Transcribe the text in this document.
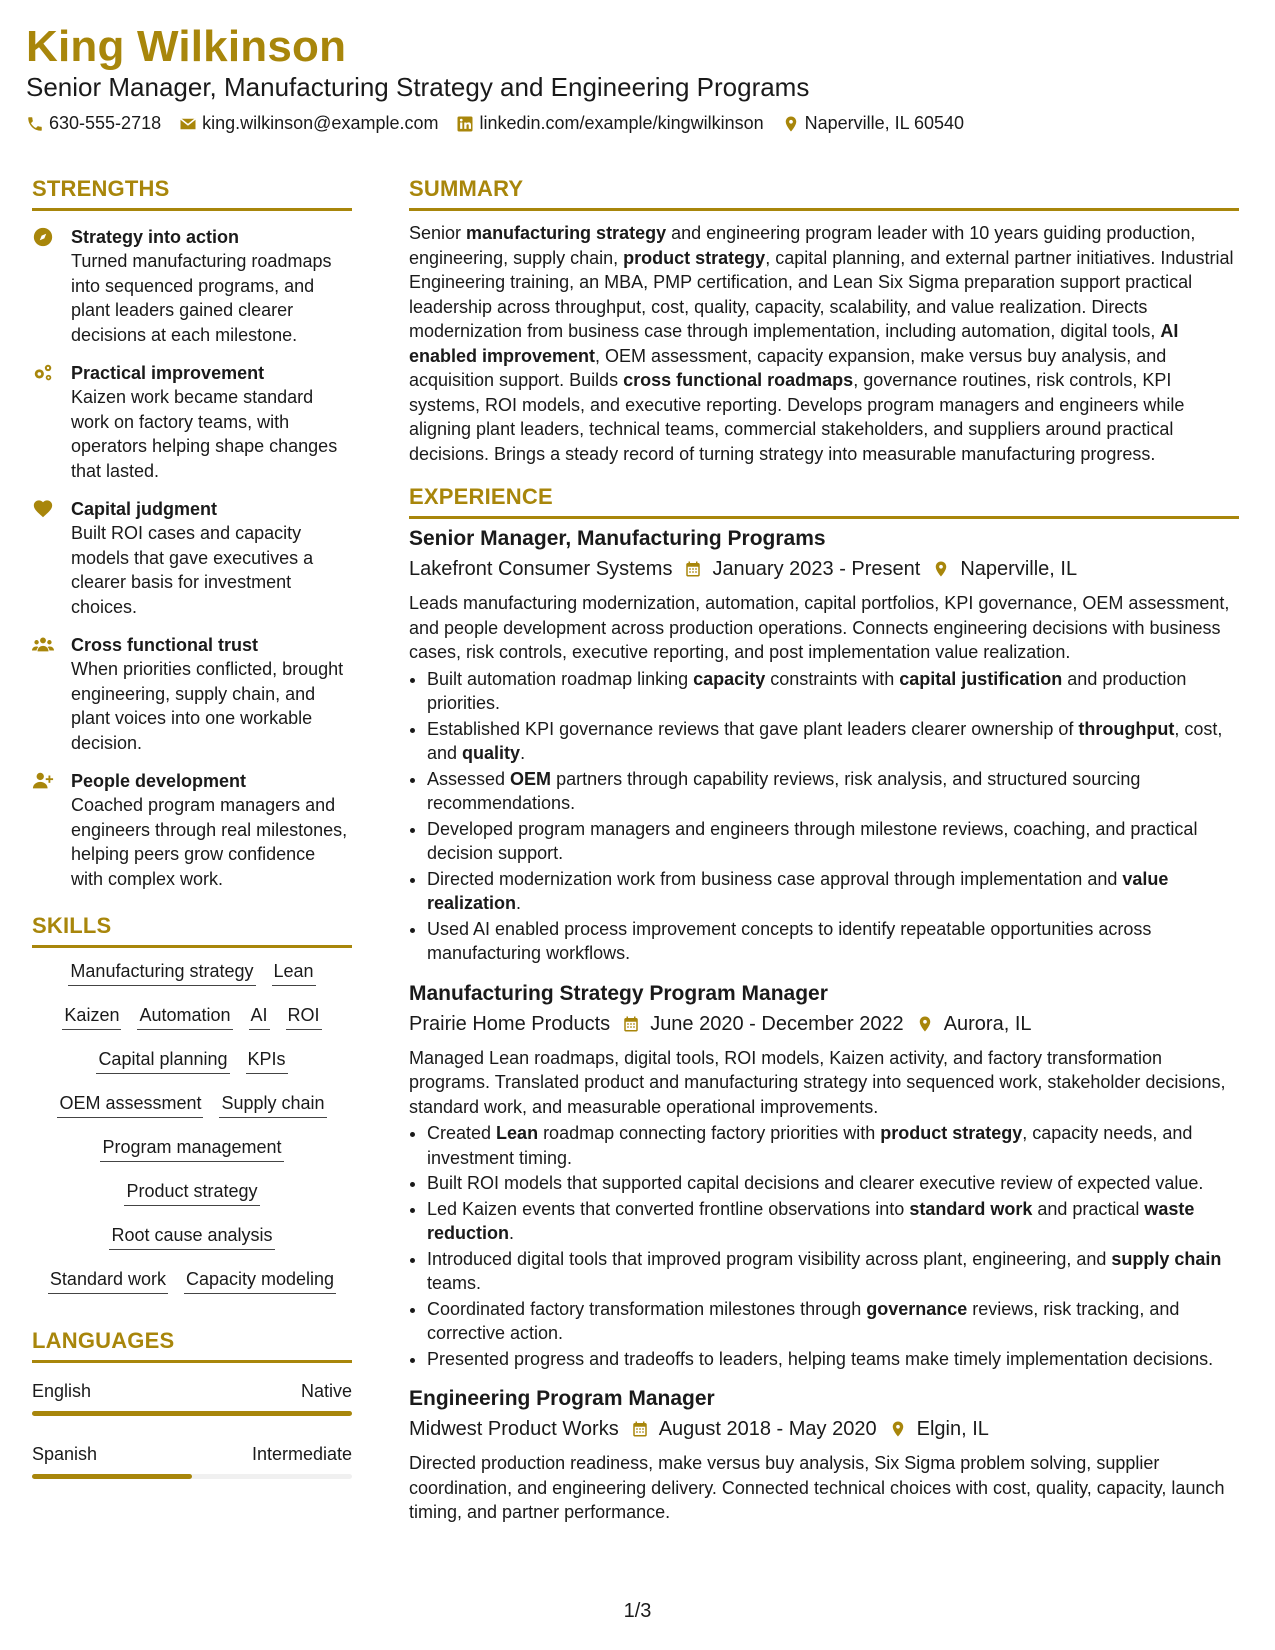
King Wilkinson
Senior Manager, Manufacturing Strategy and Engineering Programs
630-555-2718 king.wilkinson@example.com linkedin.com/example/kingwilkinson Naperville, IL 60540
STRENGTHS
Strategy into action
Turned manufacturing roadmaps into sequenced programs, and plant leaders gained clearer decisions at each milestone.
Practical improvement
Kaizen work became standard work on factory teams, with operators helping shape changes that lasted.
Capital judgment
Built ROI cases and capacity models that gave executives a clearer basis for investment choices.
Cross functional trust
When priorities conflicted, brought engineering, supply chain, and plant voices into one workable decision.
People development
Coached program managers and engineers through real milestones, helping peers grow confidence with complex work.
SKILLS
Manufacturing strategy Lean
Kaizen Automation AI ROI
Capital planning KPIs
OEM assessment Supply chain
Program management
Product strategy
Root cause analysis
Standard work Capacity modeling
LANGUAGES
English	Native
Spanish	Intermediate
SUMMARY
Senior manufacturing strategy and engineering program leader with 10 years guiding production, engineering, supply chain, product strategy, capital planning, and external partner initiatives. Industrial Engineering training, an MBA, PMP certification, and Lean Six Sigma preparation support practical leadership across throughput, cost, quality, capacity, scalability, and value realization. Directs modernization from business case through implementation, including automation, digital tools, AI enabled improvement, OEM assessment, capacity expansion, make versus buy analysis, and acquisition support. Builds cross functional roadmaps, governance routines, risk controls, KPI systems, ROI models, and executive reporting. Develops program managers and engineers while aligning plant leaders, technical teams, commercial stakeholders, and suppliers around practical decisions. Brings a steady record of turning strategy into measurable manufacturing progress.
EXPERIENCE
Senior Manager, Manufacturing Programs
Lakefront Consumer Systems January 2023 - Present Naperville, IL
Leads manufacturing modernization, automation, capital portfolios, KPI governance, OEM assessment, and people development across production operations. Connects engineering decisions with business cases, risk controls, executive reporting, and post implementation value realization.
• Built automation roadmap linking capacity constraints with capital justification and production priorities.
• Established KPI governance reviews that gave plant leaders clearer ownership of throughput, cost, and quality.
• Assessed OEM partners through capability reviews, risk analysis, and structured sourcing recommendations.
• Developed program managers and engineers through milestone reviews, coaching, and practical decision support.
• Directed modernization work from business case approval through implementation and value realization.
• Used AI enabled process improvement concepts to identify repeatable opportunities across manufacturing workflows.
Manufacturing Strategy Program Manager
Prairie Home Products June 2020 - December 2022 Aurora, IL
Managed Lean roadmaps, digital tools, ROI models, Kaizen activity, and factory transformation programs. Translated product and manufacturing strategy into sequenced work, stakeholder decisions, standard work, and measurable operational improvements.
• Created Lean roadmap connecting factory priorities with product strategy, capacity needs, and investment timing.
• Built ROI models that supported capital decisions and clearer executive review of expected value.
• Led Kaizen events that converted frontline observations into standard work and practical waste reduction.
• Introduced digital tools that improved program visibility across plant, engineering, and supply chain teams.
• Coordinated factory transformation milestones through governance reviews, risk tracking, and corrective action.
• Presented progress and tradeoffs to leaders, helping teams make timely implementation decisions.
Engineering Program Manager
Midwest Product Works August 2018 - May 2020 Elgin, IL
Directed production readiness, make versus buy analysis, Six Sigma problem solving, supplier coordination, and engineering delivery. Connected technical choices with cost, quality, capacity, launch timing, and partner performance.
1/3
